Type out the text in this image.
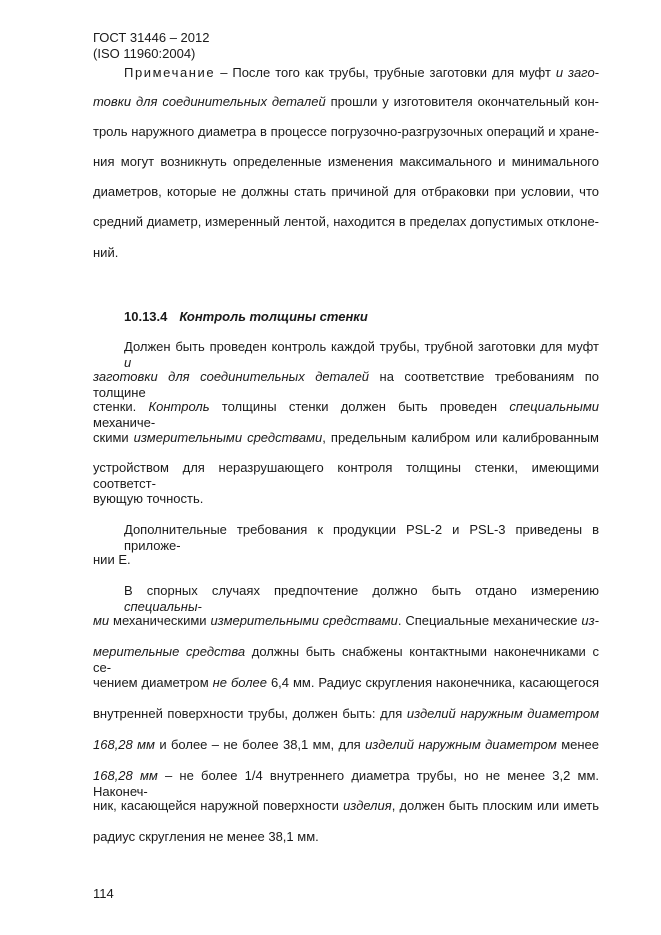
ГОСТ 31446 – 2012
(ISO 11960:2004)
Примечание – После того как трубы, трубные заготовки для муфт и заго-
товки для соединительных деталей прошли у изготовителя окончательный кон-
троль наружного диаметра в процессе погрузочно-разгрузочных операций и хране-
ния могут возникнуть определенные изменения максимального и минимального
диаметров, которые не должны стать причиной для отбраковки при условии, что
средний диаметр, измеренный лентой, находится в пределах допустимых отклоне-
ний.
10.13.4 Контроль толщины стенки
Должен быть проведен контроль каждой трубы, трубной заготовки для муфт и
заготовки для соединительных деталей на соответствие требованиям по толщине
стенки. Контроль толщины стенки должен быть проведен специальными механиче-
скими измерительными средствами, предельным калибром или калиброванным
устройством для неразрушающего контроля толщины стенки, имеющими соответст-
вующую точность.
Дополнительные требования к продукции PSL-2 и PSL-3 приведены в приложе-
нии Е.
В спорных случаях предпочтение должно быть отдано измерению специальны-
ми механическими измерительными средствами. Специальные механические из-
мерительные средства должны быть снабжены контактными наконечниками с се-
чением диаметром не более 6,4 мм. Радиус скругления наконечника, касающегося
внутренней поверхности трубы, должен быть: для изделий наружным диаметром
168,28 мм и более – не более 38,1 мм, для изделий наружным диаметром менее
168,28 мм – не более 1/4 внутреннего диаметра трубы, но не менее 3,2 мм. Наконеч-
ник, касающейся наружной поверхности изделия, должен быть плоским или иметь
радиус скругления не менее 38,1 мм.
114
